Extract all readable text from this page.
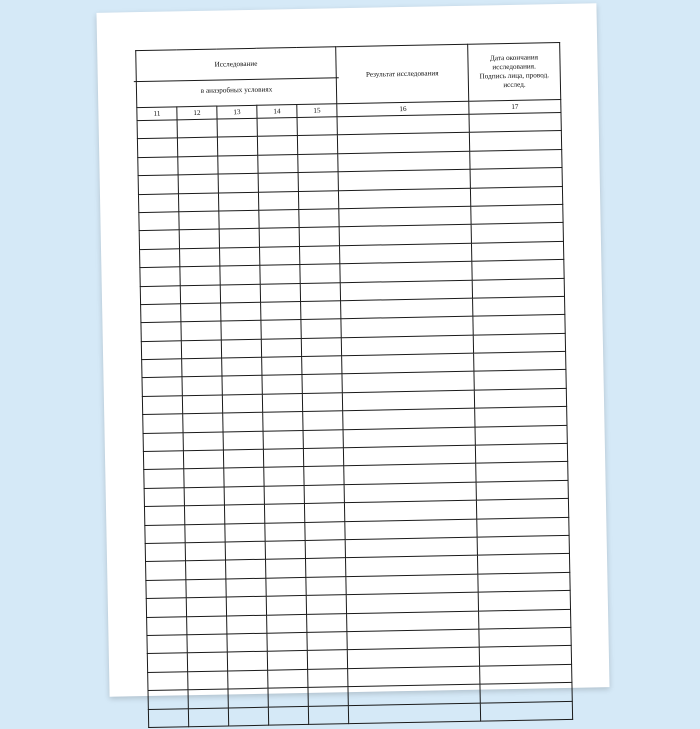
Исследование
в анаэробных условиях					Результат исследования	Дата окончания исследования.
Подпись лица, провод. исслед.
11	12	13	14	15	16	17
